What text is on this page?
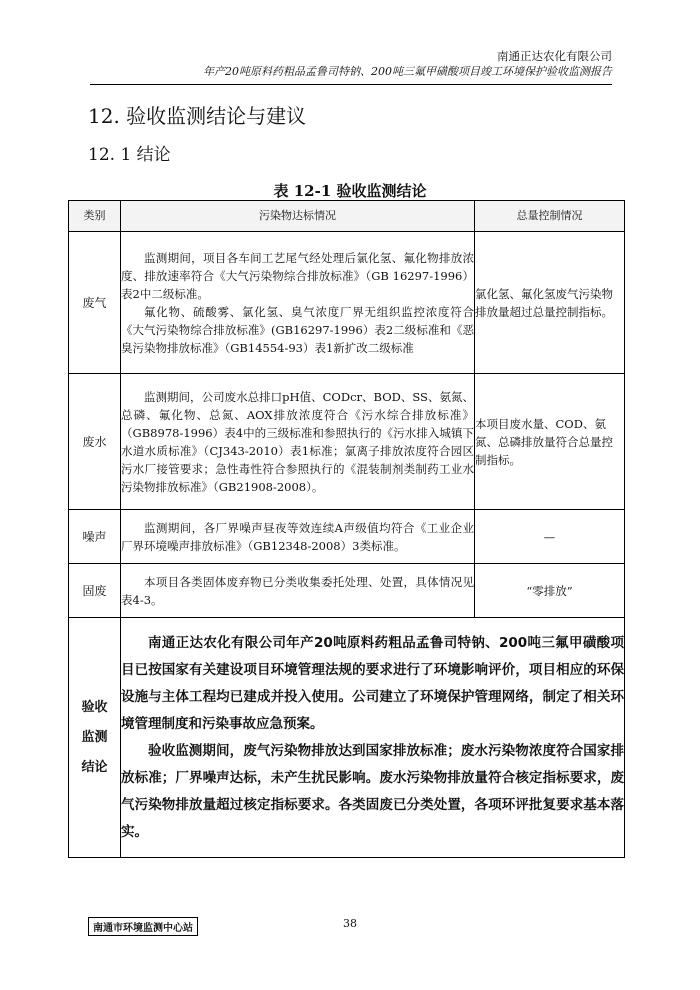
南通正达农化有限公司
年产20吨原料药粗品孟鲁司特钠、200吨三氟甲磺酸项目竣工环境保护验收监测报告
12. 验收监测结论与建议
12. 1 结论
表 12-1 验收监测结论
类别	污染物达标情况	总量控制情况
废气	监测期间，项目各车间工艺尾气经处理后氯化氢、氟化物排放浓度、排放速率符合《大气污染物综合排放标准》（GB 16297-1996）表2中二级标准。

氟化物、硫酸雾、氯化氢、臭气浓度厂界无组织监控浓度符合《大气污染物综合排放标准》(GB16297-1996）表2二级标准和《恶臭污染物排放标准》（GB14554-93）表1新扩改二级标准	氯化氢、氟化氢废气污染物排放量超过总量控制指标。
废水	监测期间，公司废水总排口pH值、CODcr、BOD、SS、氨氮、总磷、氟化物、总氮、AOX排放浓度符合《污水综合排放标准》（GB8978-1996）表4中的三级标准和参照执行的《污水排入城镇下水道水质标准》（CJ343-2010）表1标准；氯离子排放浓度符合园区污水厂接管要求；急性毒性符合参照执行的《混装制剂类制药工业水污染物排放标准》（GB21908-2008）。	本项目废水量、COD、氨氮、总磷排放量符合总量控制指标。
噪声	监测期间，各厂界噪声昼夜等效连续A声级值均符合《工业企业厂界环境噪声排放标准》（GB12348-2008）3类标准。	—
固废	本项目各类固体废弃物已分类收集委托处理、处置，具体情况见表4-3。	“零排放”
验收监测结论	南通正达农化有限公司年产20吨原料药粗品孟鲁司特钠、200吨三氟甲磺酸项目已按国家有关建设项目环境管理法规的要求进行了环境影响评价，项目相应的环保设施与主体工程均已建成并投入使用。公司建立了环境保护管理网络，制定了相关环境管理制度和污染事故应急预案。

验收监测期间，废气污染物排放达到国家排放标准；废水污染物浓度符合国家排放标准；厂界噪声达标，未产生扰民影响。废水污染物排放量符合核定指标要求，废气污染物排放量超过核定指标要求。各类固废已分类处置，各项环评批复要求基本落实。	

南通市环境监测中心站	38
